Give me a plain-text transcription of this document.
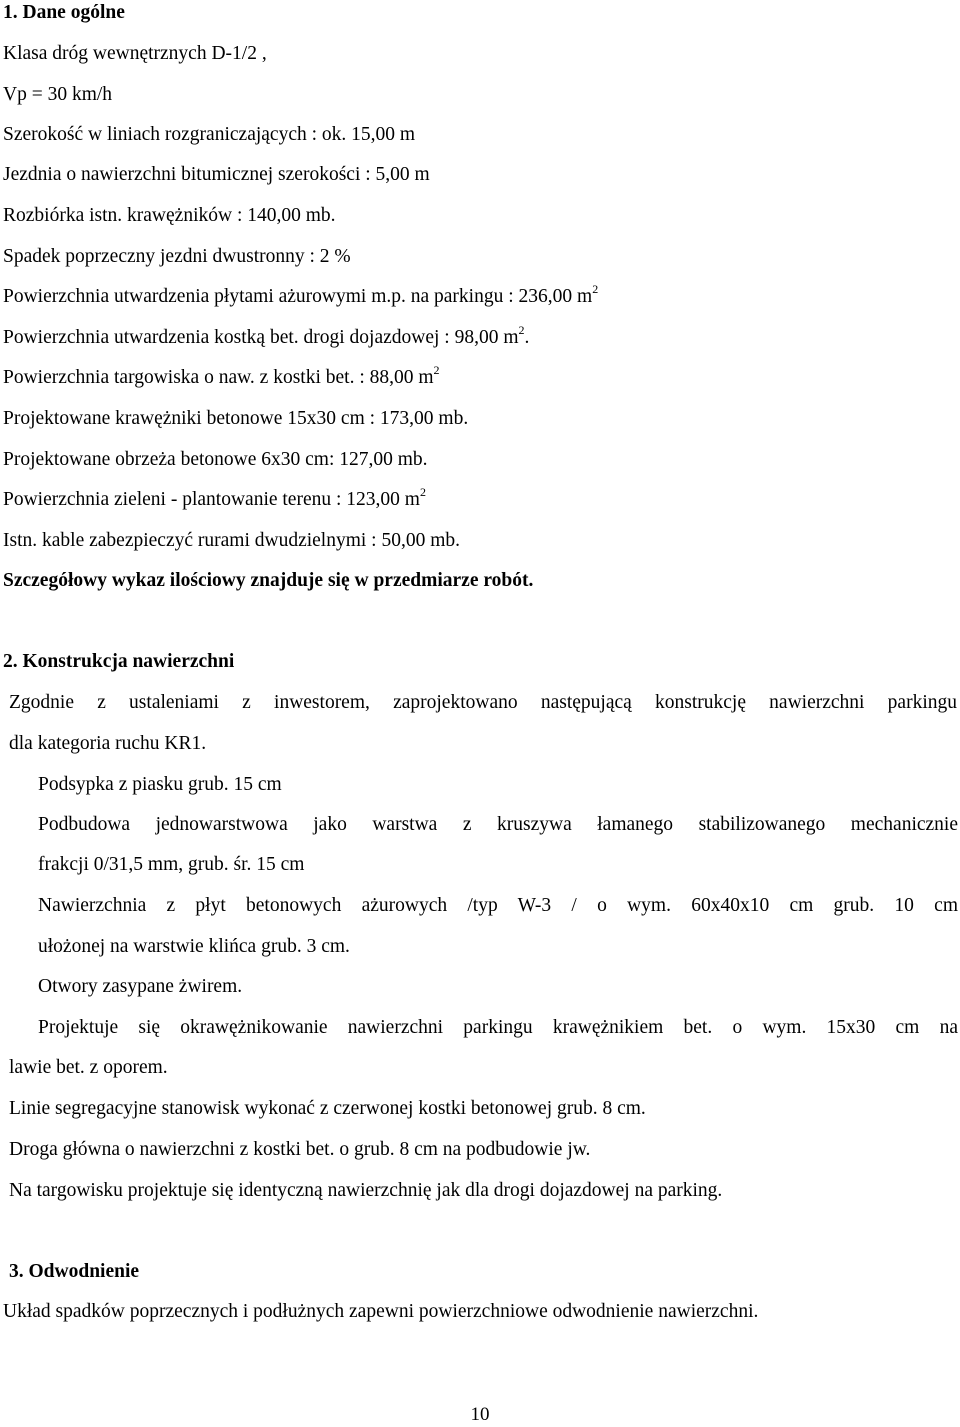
1. Dane ogólne
Klasa dróg wewnętrznych D-1/2 ,
Vp = 30 km/h
Szerokość w liniach rozgraniczających : ok. 15,00 m
Jezdnia o nawierzchni bitumicznej szerokości : 5,00 m
Rozbiórka istn. krawężników : 140,00 mb.
Spadek poprzeczny jezdni dwustronny : 2 %
Powierzchnia utwardzenia płytami ażurowymi m.p. na parkingu : 236,00 $m^2$
Powierzchnia utwardzenia kostką bet. drogi dojazdowej : 98,00 $m^2$.
Powierzchnia targowiska o naw. z kostki bet. : 88,00 $m^2$
Projektowane krawężniki betonowe 15x30 cm : 173,00 mb.
Projektowane obrzeża betonowe 6x30 cm: 127,00 mb.
Powierzchnia zieleni - plantowanie terenu : 123,00 $m^2$
Istn. kable zabezpieczyć rurami dwudzielnymi : 50,00 mb.
Szczegółowy wykaz ilościowy znajduje się w przedmiarze robót.
2. Konstrukcja nawierzchni
Zgodnie z ustaleniami z inwestorem, zaprojektowano następującą konstrukcję nawierzchni parkingu
dla kategoria ruchu KR1.
Podsypka z piasku grub. 15 cm
Podbudowa jednowarstwowa jako warstwa z kruszywa łamanego stabilizowanego mechanicznie
frakcji 0/31,5 mm, grub. śr. 15 cm
Nawierzchnia z płyt betonowych ażurowych /typ W-3 / o wym. 60x40x10 cm grub. 10 cm
ułożonej na warstwie klińca grub. 3 cm.
Otwory zasypane żwirem.
Projektuje się okrawężnikowanie nawierzchni parkingu krawężnikiem bet. o wym. 15x30 cm na
lawie bet. z oporem.
Linie segregacyjne stanowisk wykonać z czerwonej kostki betonowej grub. 8 cm.
Droga główna o nawierzchni z kostki bet. o grub. 8 cm na podbudowie jw.
Na targowisku projektuje się identyczną nawierzchnię jak dla drogi dojazdowej na parking.
3. Odwodnienie
Układ spadków poprzecznych i podłużnych zapewni powierzchniowe odwodnienie nawierzchni.
10
